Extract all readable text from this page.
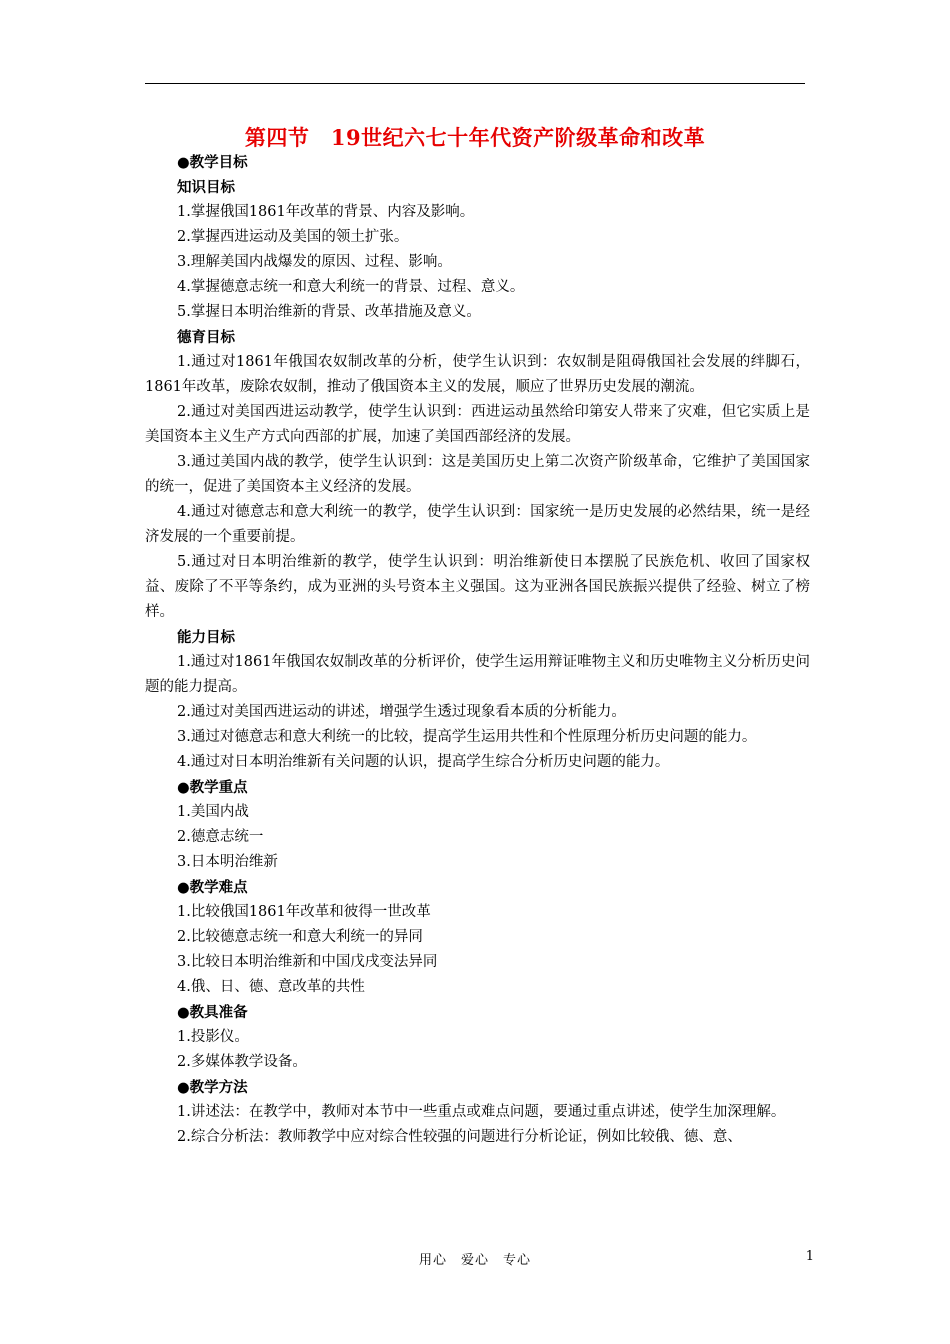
第四节　19世纪六七十年代资产阶级革命和改革

●教学目标

知识目标

1.掌握俄国1861年改革的背景、内容及影响。

2.掌握西进运动及美国的领土扩张。

3.理解美国内战爆发的原因、过程、影响。

4.掌握德意志统一和意大利统一的背景、过程、意义。

5.掌握日本明治维新的背景、改革措施及意义。

德育目标

1.通过对1861年俄国农奴制改革的分析，使学生认识到：农奴制是阻碍俄国社会发展的绊脚石，1861年改革，废除农奴制，推动了俄国资本主义的发展，顺应了世界历史发展的潮流。

2.通过对美国西进运动教学，使学生认识到：西进运动虽然给印第安人带来了灾难，但它实质上是美国资本主义生产方式向西部的扩展，加速了美国西部经济的发展。

3.通过美国内战的教学，使学生认识到：这是美国历史上第二次资产阶级革命，它维护了美国国家的统一，促进了美国资本主义经济的发展。

4.通过对德意志和意大利统一的教学，使学生认识到：国家统一是历史发展的必然结果，统一是经济发展的一个重要前提。

5.通过对日本明治维新的教学，使学生认识到：明治维新使日本摆脱了民族危机、收回了国家权益、废除了不平等条约，成为亚洲的头号资本主义强国。这为亚洲各国民族振兴提供了经验、树立了榜样。

能力目标

1.通过对1861年俄国农奴制改革的分析评价，使学生运用辩证唯物主义和历史唯物主义分析历史问题的能力提高。

2.通过对美国西进运动的讲述，增强学生透过现象看本质的分析能力。

3.通过对德意志和意大利统一的比较，提高学生运用共性和个性原理分析历史问题的能力。

4.通过对日本明治维新有关问题的认识，提高学生综合分析历史问题的能力。

●教学重点

1.美国内战

2.德意志统一

3.日本明治维新

●教学难点

1.比较俄国1861年改革和彼得一世改革

2.比较德意志统一和意大利统一的异同

3.比较日本明治维新和中国戊戌变法异同

4.俄、日、德、意改革的共性

●教具准备

1.投影仪。

2.多媒体教学设备。

●教学方法

1.讲述法：在教学中，教师对本节中一些重点或难点问题，要通过重点讲述，使学生加深理解。

2.综合分析法：教师教学中应对综合性较强的问题进行分析论证，例如比较俄、德、意、

用心　爱心　专心	1
